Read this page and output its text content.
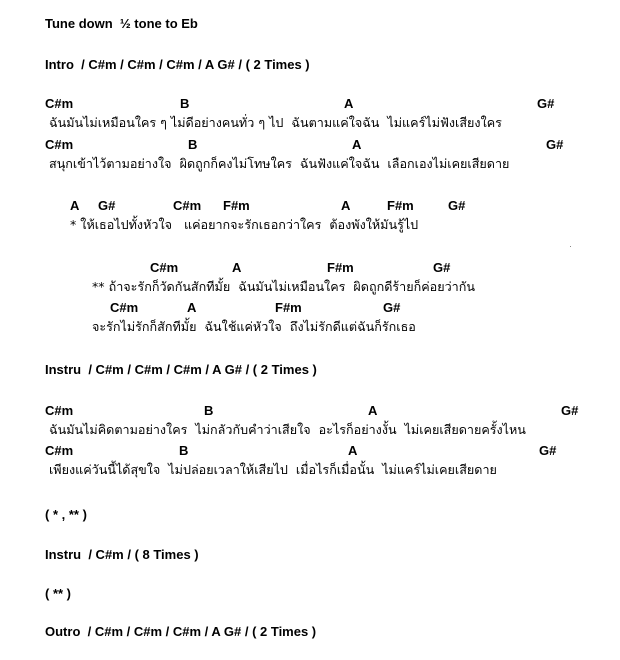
Tune down  ½ tone to Eb
Intro  / C#m / C#m / C#m / A G# / ( 2 Times )
C#m	B	A	G#
ฉันมันไม่เหมือนใคร ๆ ไม่ดีอย่างคนทั่ว ๆ ไป  ฉันตามแค่ใจฉัน  ไม่แคร์ไม่ฟังเสียงใคร
C#m	B	A	G#
สนุกเข้าไว้ตามอย่างใจ  ผิดถูกก็คงไม่โทษใคร  ฉันฟังแค่ใจฉัน  เลือกเองไม่เคยเสียดาย
A G#	C#m F#m	A	F#m	G#
* ให้เธอไปทั้งหัวใจ   แค่อยากจะรักเธอกว่าใคร  ต้องพังให้มันรู้ไป
C#m	A	F#m	G#
** ถ้าจะรักก็วัดกันสักทีมั้ย  ฉันมันไม่เหมือนใคร  ผิดถูกดีร้ายก็ค่อยว่ากัน
C#m	A	F#m	G#
จะรักไม่รักก็สักทีมั้ย  ฉันใช้แค่หัวใจ  ถึงไม่รักดีแต่ฉันก็รักเธอ
Instru  / C#m / C#m / C#m / A G# / ( 2 Times )
C#m	B	A	G#
ฉันมันไม่คิดตามอย่างใคร  ไม่กลัวกับคำว่าเสียใจ  อะไรก็อย่างงั้น  ไม่เคยเสียดายครั้งไหน
C#m	B	A	G#
เพียงแค่วันนี้ได้สุขใจ  ไม่ปล่อยเวลาให้เสียไป  เมื่อไรก็เมื่อนั้น  ไม่แคร์ไม่เคยเสียดาย
( * , ** )
Instru  / C#m / ( 8 Times )
( ** )
Outro  / C#m / C#m / C#m / A G# / ( 2 Times )
